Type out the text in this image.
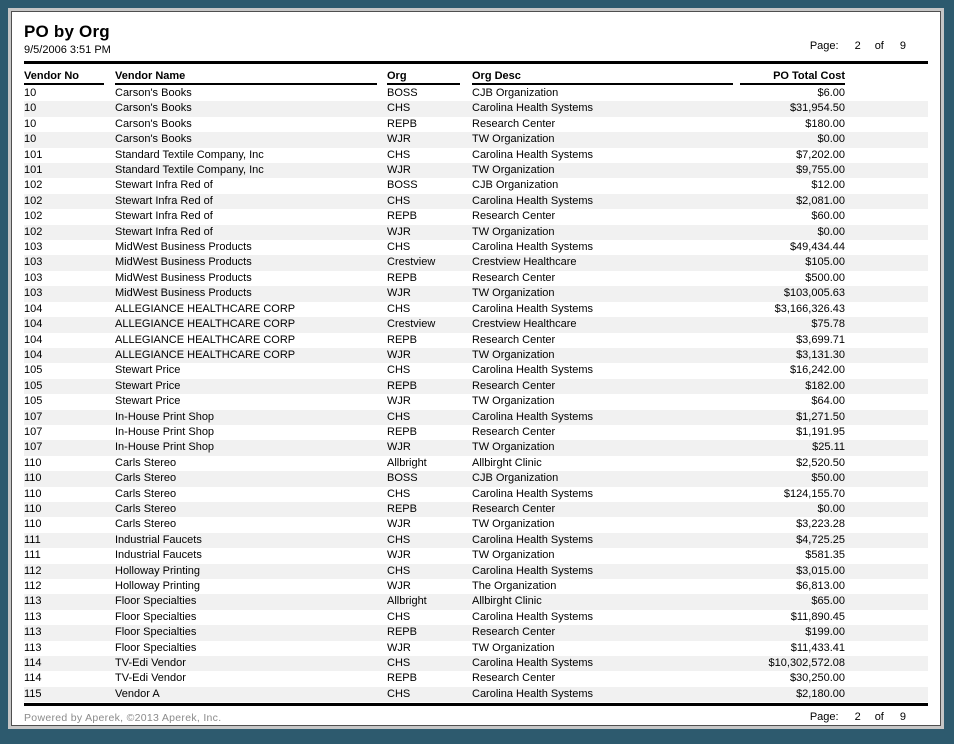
PO by Org
9/5/2006 3:51 PM	Page: 2 of 9
Vendor No	Vendor Name	Org	Org Desc	PO Total Cost
10	Carson's Books	BOSS	CJB Organization	$6.00
10	Carson's Books	CHS	Carolina Health Systems	$31,954.50
10	Carson's Books	REPB	Research Center	$180.00
10	Carson's Books	WJR	TW Organization	$0.00
101	Standard Textile Company, Inc	CHS	Carolina Health Systems	$7,202.00
101	Standard Textile Company, Inc	WJR	TW Organization	$9,755.00
102	Stewart Infra Red of	BOSS	CJB Organization	$12.00
102	Stewart Infra Red of	CHS	Carolina Health Systems	$2,081.00
102	Stewart Infra Red of	REPB	Research Center	$60.00
102	Stewart Infra Red of	WJR	TW Organization	$0.00
103	MidWest Business Products	CHS	Carolina Health Systems	$49,434.44
103	MidWest Business Products	Crestview	Crestview Healthcare	$105.00
103	MidWest Business Products	REPB	Research Center	$500.00
103	MidWest Business Products	WJR	TW Organization	$103,005.63
104	ALLEGIANCE HEALTHCARE CORP	CHS	Carolina Health Systems	$3,166,326.43
104	ALLEGIANCE HEALTHCARE CORP	Crestview	Crestview Healthcare	$75.78
104	ALLEGIANCE HEALTHCARE CORP	REPB	Research Center	$3,699.71
104	ALLEGIANCE HEALTHCARE CORP	WJR	TW Organization	$3,131.30
105	Stewart Price	CHS	Carolina Health Systems	$16,242.00
105	Stewart Price	REPB	Research Center	$182.00
105	Stewart Price	WJR	TW Organization	$64.00
107	In-House Print Shop	CHS	Carolina Health Systems	$1,271.50
107	In-House Print Shop	REPB	Research Center	$1,191.95
107	In-House Print Shop	WJR	TW Organization	$25.11
110	Carls Stereo	Allbright	Allbirght Clinic	$2,520.50
110	Carls Stereo	BOSS	CJB Organization	$50.00
110	Carls Stereo	CHS	Carolina Health Systems	$124,155.70
110	Carls Stereo	REPB	Research Center	$0.00
110	Carls Stereo	WJR	TW Organization	$3,223.28
111	Industrial Faucets	CHS	Carolina Health Systems	$4,725.25
111	Industrial Faucets	WJR	TW Organization	$581.35
112	Holloway Printing	CHS	Carolina Health Systems	$3,015.00
112	Holloway Printing	WJR	The Organization	$6,813.00
113	Floor Specialties	Allbright	Allbirght Clinic	$65.00
113	Floor Specialties	CHS	Carolina Health Systems	$11,890.45
113	Floor Specialties	REPB	Research Center	$199.00
113	Floor Specialties	WJR	TW Organization	$11,433.41
114	TV-Edi Vendor	CHS	Carolina Health Systems	$10,302,572.08
114	TV-Edi Vendor	REPB	Research Center	$30,250.00
115	Vendor A	CHS	Carolina Health Systems	$2,180.00
Powered by Aperek, ©2013 Aperek, Inc.	Page: 2 of 9
